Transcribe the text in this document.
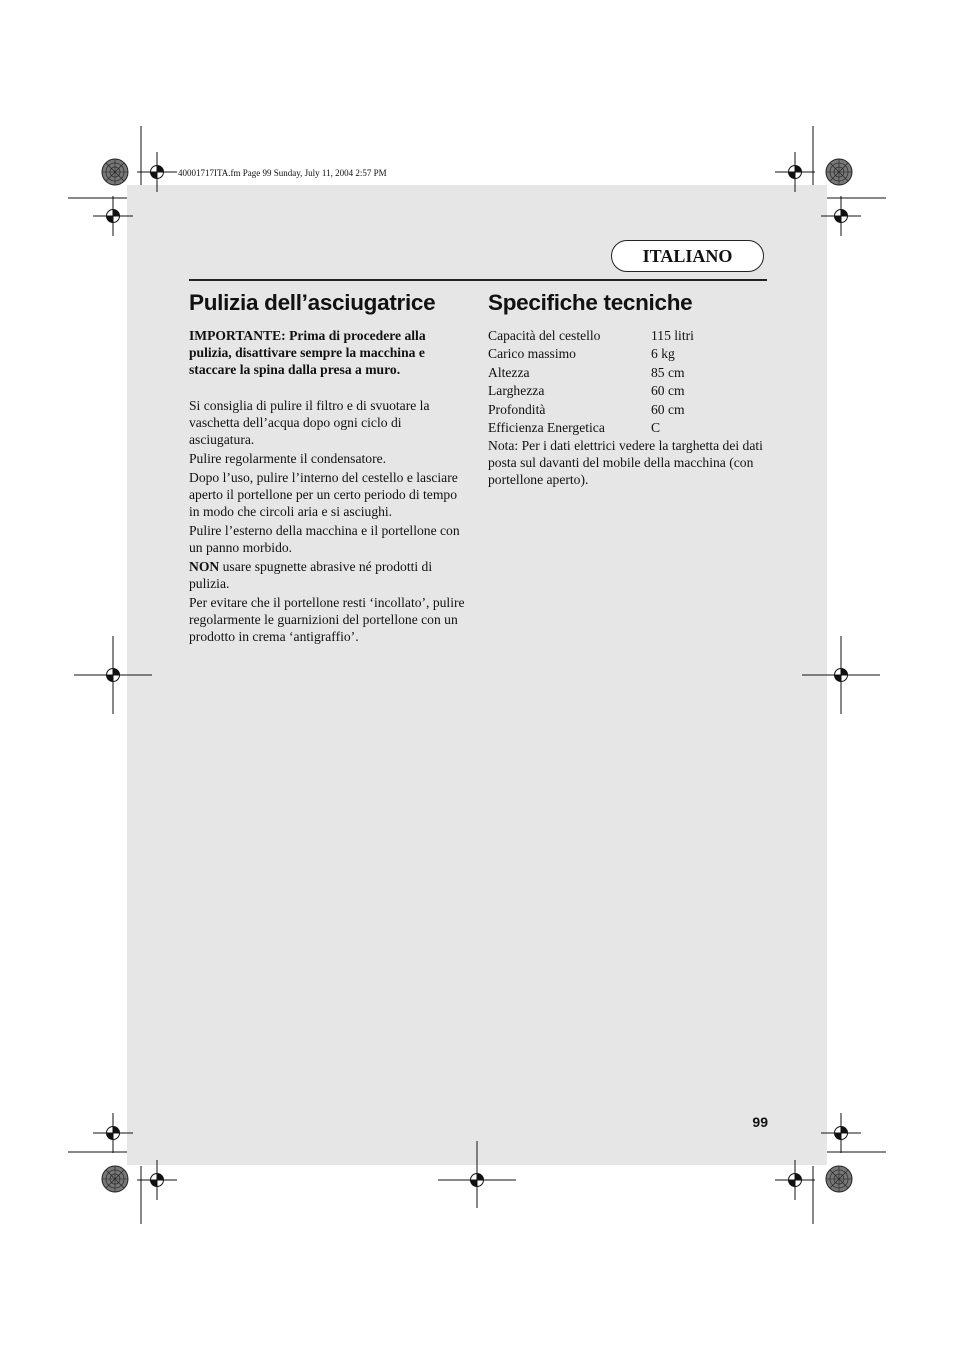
40001717ITA.fm Page 99 Sunday, July 11, 2004 2:57 PM
ITALIANO
Pulizia dell’asciugatrice

IMPORTANTE: Prima di procedere alla pulizia, disattivare sempre la macchina e staccare la spina dalla presa a muro.

Si consiglia di pulire il filtro e di svuotare la vaschetta dell’acqua dopo ogni ciclo di asciugatura.

Pulire regolarmente il condensatore.

Dopo l’uso, pulire l’interno del cestello e lasciare aperto il portellone per un certo periodo di tempo in modo che circoli aria e si asciughi.

Pulire l’esterno della macchina e il portellone con un panno morbido.

NON usare spugnette abrasive né prodotti di pulizia.

Per evitare che il portellone resti ‘incollato’, pulire regolarmente le guarnizioni del portellone con un prodotto in crema ‘antigraffio’.

Specifiche tecniche
Capacità del cestello	115 litri
Carico massimo	6 kg
Altezza	85 cm
Larghezza	60 cm
Profondità	60 cm
Efficienza Energetica	C

Nota: Per i dati elettrici vedere la targhetta dei dati posta sul davanti del mobile della macchina (con portellone aperto).

99
